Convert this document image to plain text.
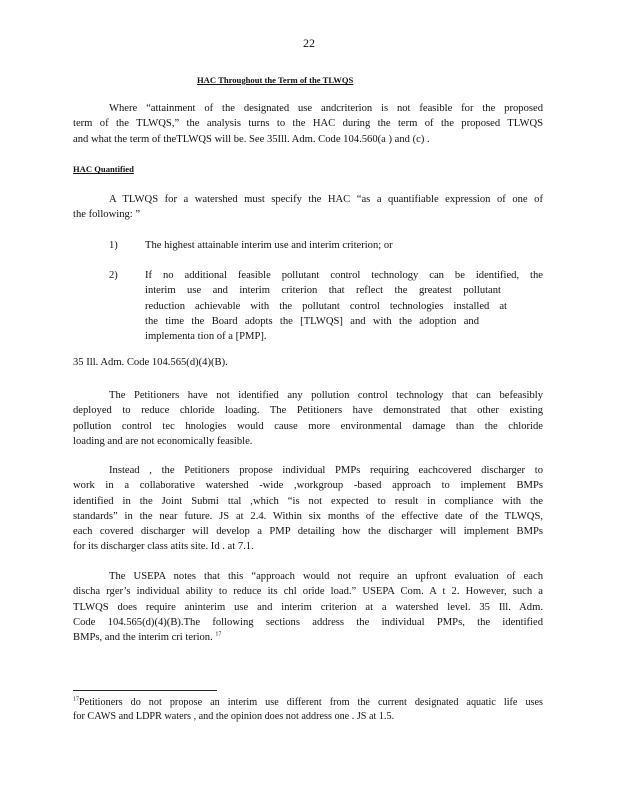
22
HAC Throughout the Term of the TLWQS
Where “attainment of the designated use andcriterion is not feasible for the proposed
term of the TLWQS,” the analysis turns to the HAC during the term of the proposed TLWQS
and what the term of theTLWQS will be. See 35Ill. Adm. Code 104.560(a ) and (c) .
HAC Quantified
A TLWQS for a watershed must specify the HAC “as a quantifiable expression of one of
the following: ”
1)	The highest attainable interim use and interim criterion; or
2)	If no additional feasible pollutant control technology can be identified, the
interim use and interim criterion that reflect the greatest pollutant
reduction achievable with the pollutant control technologies installed at
the time the Board adopts the [TLWQS] and with the adoption and
implementa tion of a [PMP].
35 Ill. Adm. Code 104.565(d)(4)(B).
The Petitioners have not identified any pollution control technology that can befeasibly
deployed to reduce chloride loading. The Petitioners have demonstrated that other existing
pollution control tec hnologies would cause more environmental damage than the chloride
loading and are not economically feasible.
Instead , the Petitioners propose individual PMPs requiring eachcovered discharger to
work in a collaborative watershed -wide ,workgroup -based approach to implement BMPs
identified in the Joint Submi ttal ,which “is not expected to result in compliance with the
standards” in the near future. JS at 2.4. Within six months of the effective date of the TLWQS,
each covered discharger will develop a PMP detailing how the discharger will implement BMPs
for its discharger class atits site. Id . at 7.1.
The USEPA notes that this “approach would not require an upfront evaluation of each
discha rger’s individual ability to reduce its chl oride load.” USEPA Com. A t 2. However, such a
TLWQS does require aninterim use and interim criterion at a watershed level. 35 Ill. Adm.
Code 104.565(d)(4)(B).The following sections address the individual PMPs, the identified
BMPs, and the interim cri terion. $^{17}$
$^{17}$Petitioners do not propose an interim use different from the current designated aquatic life uses
for CAWS and LDPR waters , and the opinion does not address one . JS at 1.5.
